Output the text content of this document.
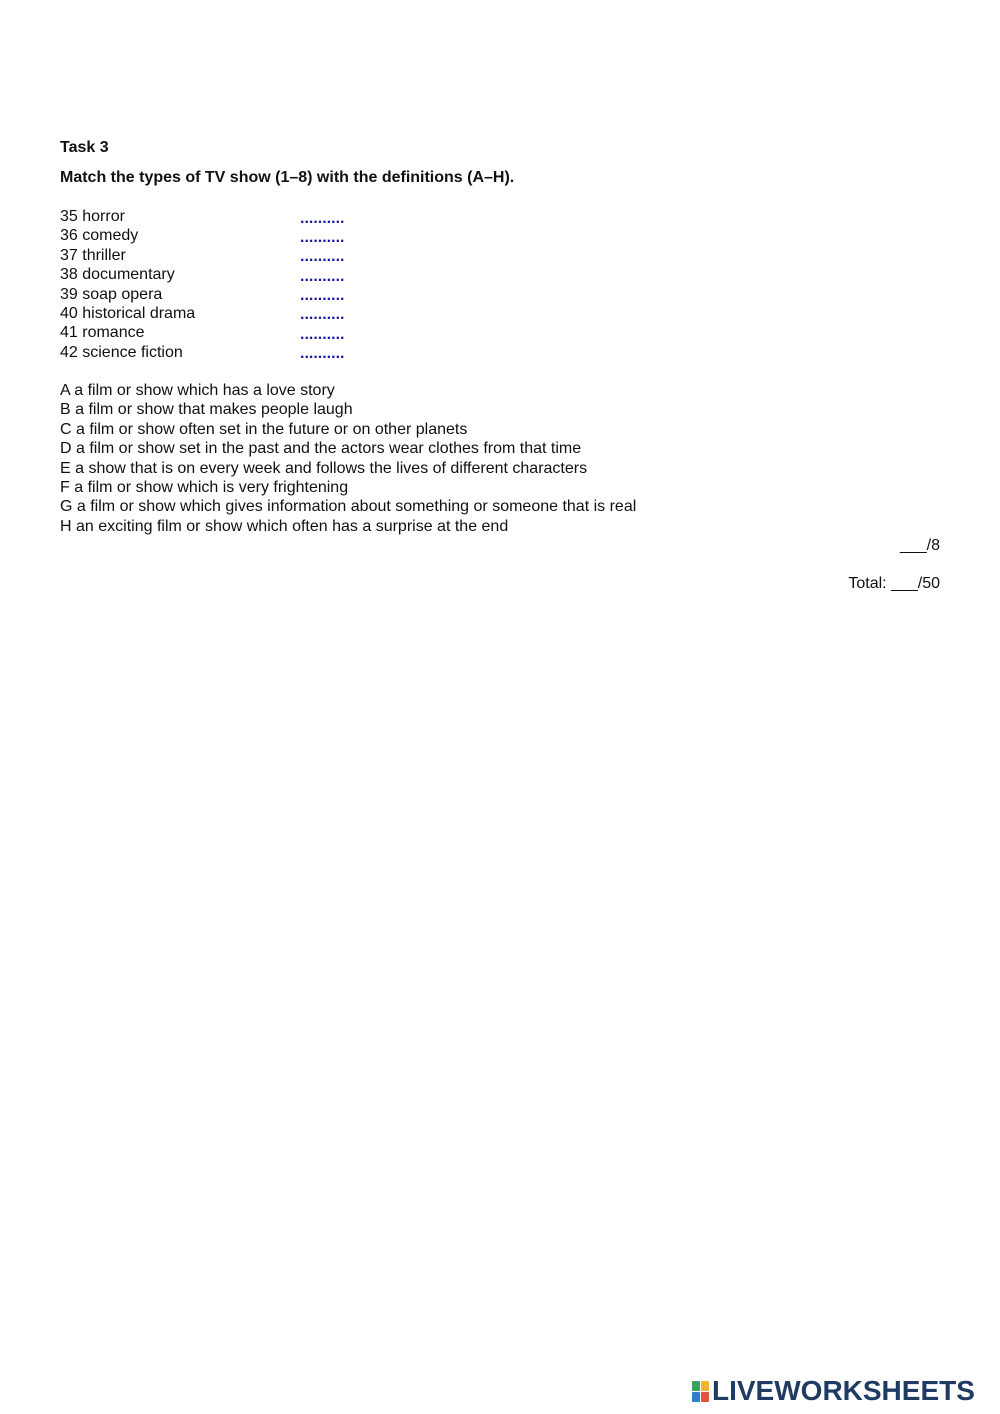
Task 3
Match the types of TV show (1–8) with the definitions (A–H).
35 horror
..........
36 comedy
..........
37 thriller
..........
38 documentary
..........
39 soap opera
..........
40 historical drama
..........
41 romance
..........
42 science fiction
..........
A a film or show which has a love story
B a film or show that makes people laugh
C a film or show often set in the future or on other planets
D a film or show set in the past and the actors wear clothes from that time
E a show that is on every week and follows the lives of different characters
F a film or show which is very frightening
G a film or show which gives information about something or someone that is real
H an exciting film or show which often has a surprise at the end
___/8
Total: ___/50
LIVEWORKSHEETS
